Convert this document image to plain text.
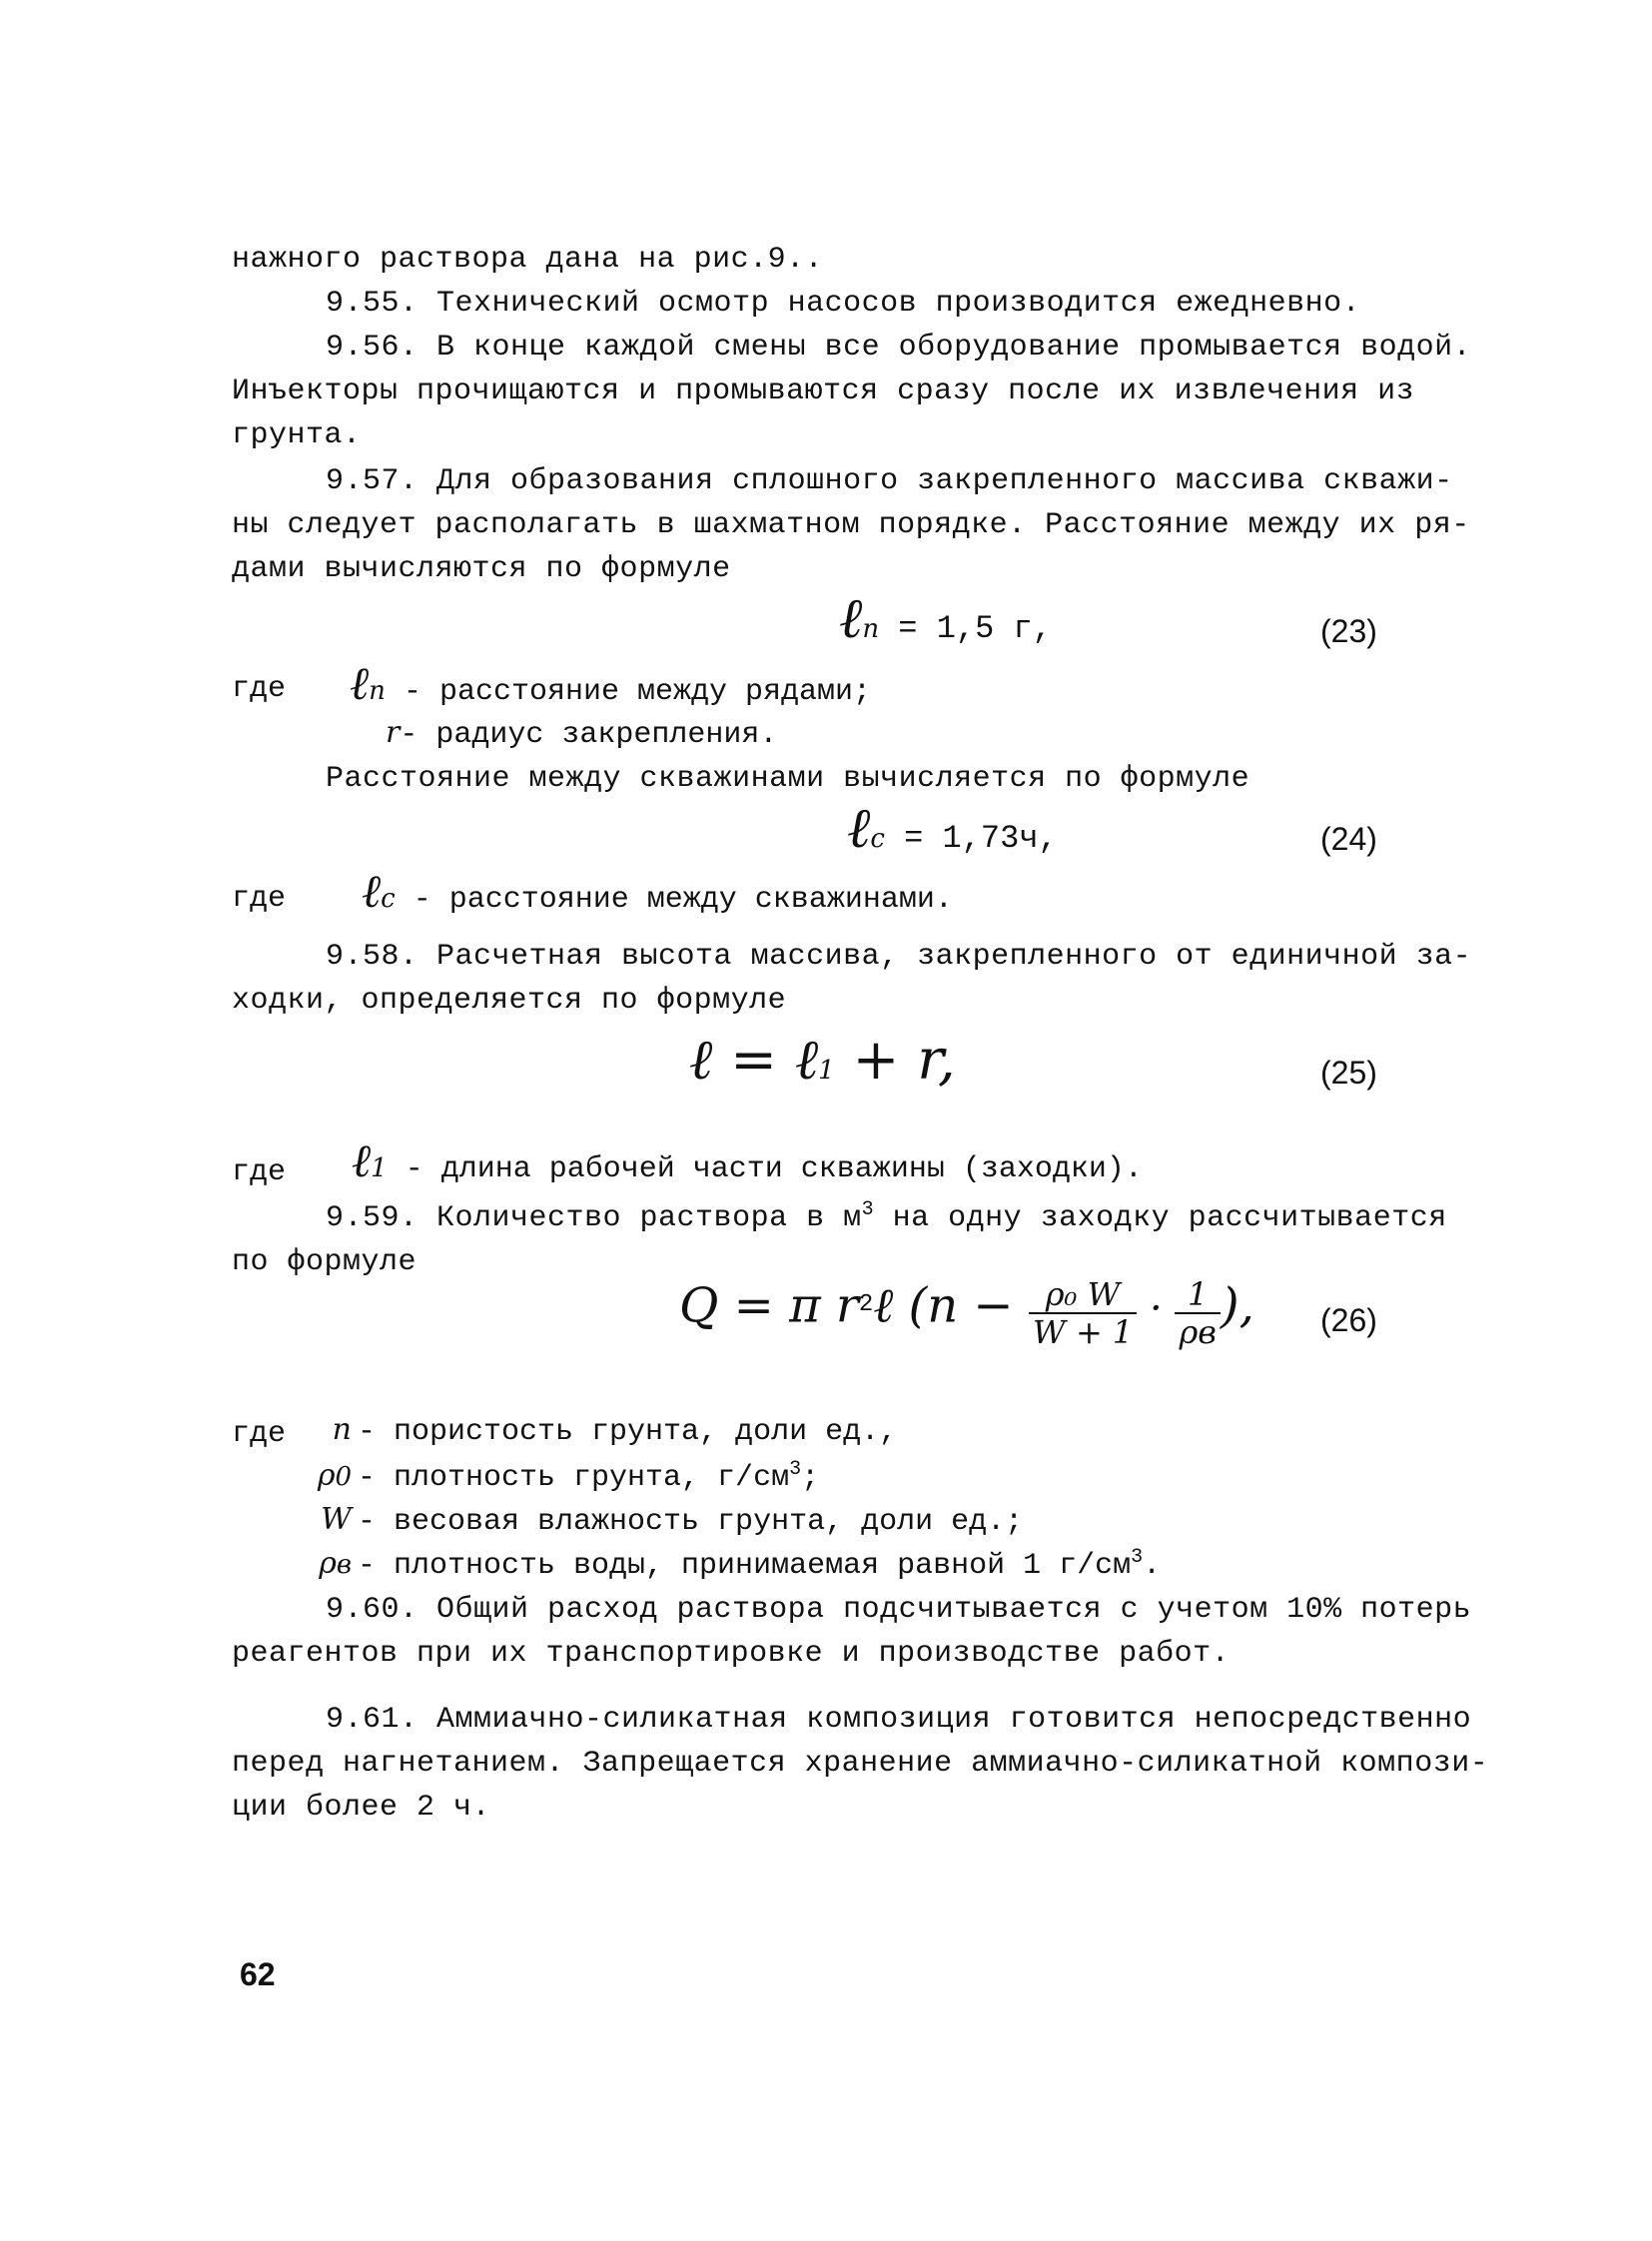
нажного раствора дана на рис.9..
9.55. Технический осмотр насосов производится ежедневно.
9.56. В конце каждой смены все оборудование промывается водой.
Инъекторы прочищаются и промываются сразу после их извлечения из
грунта.
9.57. Для образования сплошного закрепленного массива скважи-
ны следует располагать в шахматном порядке. Расстояние между их ря-
дами вычисляются по формуле
ℓn = 1,5 г,	(23)
где ℓn - расстояние между рядами;
r- радиус закрепления.
Расстояние между скважинами вычисляется по формуле
ℓc = 1,73ч,	(24)
где ℓc - расстояние между скважинами.
9.58. Расчетная высота массива, закрепленного от единичной за-
ходки, определяется по формуле
ℓ = ℓ1 + r,	(25)
где ℓ1 - длина рабочей части скважины (заходки).
9.59. Количество раствора в $м^3$ на одну заходку рассчитывается
по формуле
Q = π $r^2\ell$ ($n - \frac{\text{ρ₀ W}}{W + 1} \cdot \frac{1}{\rho в}$ ), (26)
где	n - пористость грунта, доли ед.,
ρ0 - плотность грунта, $г/см^3$;
W - весовая влажность грунта, доли ед.;
ρв - плотность воды, принимаемая равной 1 $г/см^3$.
9.60. Общий расход раствора подсчитывается с учетом 10% потерь
реагентов при их транспортировке и производстве работ.
9.61. Аммиачно-силикатная композиция готовится непосредственно
перед нагнетанием. Запрещается хранение аммиачно-силикатной компози-
ции более 2 ч.
62
